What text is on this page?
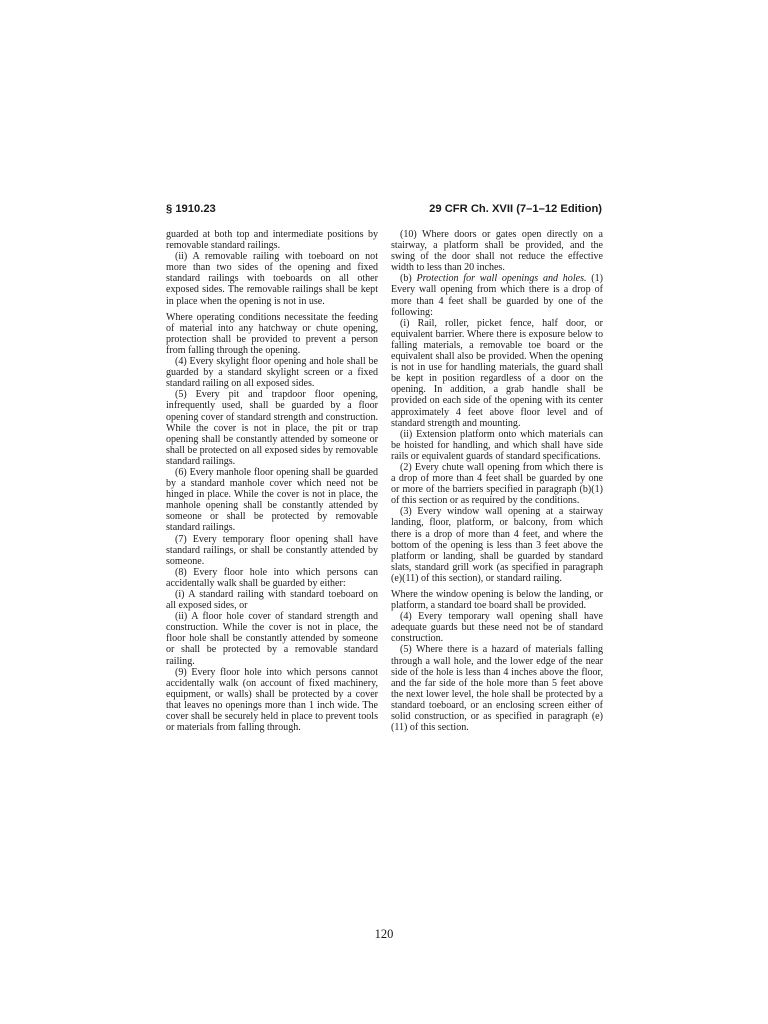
§ 1910.23	29 CFR Ch. XVII (7–1–12 Edition)

guarded at both top and intermediate positions by removable standard railings.

(ii) A removable railing with toeboard on not more than two sides of the opening and fixed standard railings with toeboards on all other exposed sides. The removable railings shall be kept in place when the opening is not in use.

Where operating conditions necessitate the feeding of material into any hatchway or chute opening, protection shall be provided to prevent a person from falling through the opening.

(4) Every skylight floor opening and hole shall be guarded by a standard skylight screen or a fixed standard railing on all exposed sides.

(5) Every pit and trapdoor floor opening, infrequently used, shall be guarded by a floor opening cover of standard strength and construction. While the cover is not in place, the pit or trap opening shall be constantly attended by someone or shall be protected on all exposed sides by removable standard railings.

(6) Every manhole floor opening shall be guarded by a standard manhole cover which need not be hinged in place. While the cover is not in place, the manhole opening shall be constantly attended by someone or shall be protected by removable standard railings.

(7) Every temporary floor opening shall have standard railings, or shall be constantly attended by someone.

(8) Every floor hole into which persons can accidentally walk shall be guarded by either:

(i) A standard railing with standard toeboard on all exposed sides, or

(ii) A floor hole cover of standard strength and construction. While the cover is not in place, the floor hole shall be constantly attended by someone or shall be protected by a removable standard railing.

(9) Every floor hole into which persons cannot accidentally walk (on account of fixed machinery, equipment, or walls) shall be protected by a cover that leaves no openings more than 1 inch wide. The cover shall be securely held in place to prevent tools or materials from falling through.

(10) Where doors or gates open directly on a stairway, a platform shall be provided, and the swing of the door shall not reduce the effective width to less than 20 inches.

(b) Protection for wall openings and holes. (1) Every wall opening from which there is a drop of more than 4 feet shall be guarded by one of the following:

(i) Rail, roller, picket fence, half door, or equivalent barrier. Where there is exposure below to falling materials, a removable toe board or the equivalent shall also be provided. When the opening is not in use for handling materials, the guard shall be kept in position regardless of a door on the opening. In addition, a grab handle shall be provided on each side of the opening with its center approximately 4 feet above floor level and of standard strength and mounting.

(ii) Extension platform onto which materials can be hoisted for handling, and which shall have side rails or equivalent guards of standard specifications.

(2) Every chute wall opening from which there is a drop of more than 4 feet shall be guarded by one or more of the barriers specified in paragraph (b)(1) of this section or as required by the conditions.

(3) Every window wall opening at a stairway landing, floor, platform, or balcony, from which there is a drop of more than 4 feet, and where the bottom of the opening is less than 3 feet above the platform or landing, shall be guarded by standard slats, standard grill work (as specified in paragraph (e)(11) of this section), or standard railing.

Where the window opening is below the landing, or platform, a standard toe board shall be provided.

(4) Every temporary wall opening shall have adequate guards but these need not be of standard construction.

(5) Where there is a hazard of materials falling through a wall hole, and the lower edge of the near side of the hole is less than 4 inches above the floor, and the far side of the hole more than 5 feet above the next lower level, the hole shall be protected by a standard toeboard, or an enclosing screen either of solid construction, or as specified in paragraph (e)(11) of this section.

120
